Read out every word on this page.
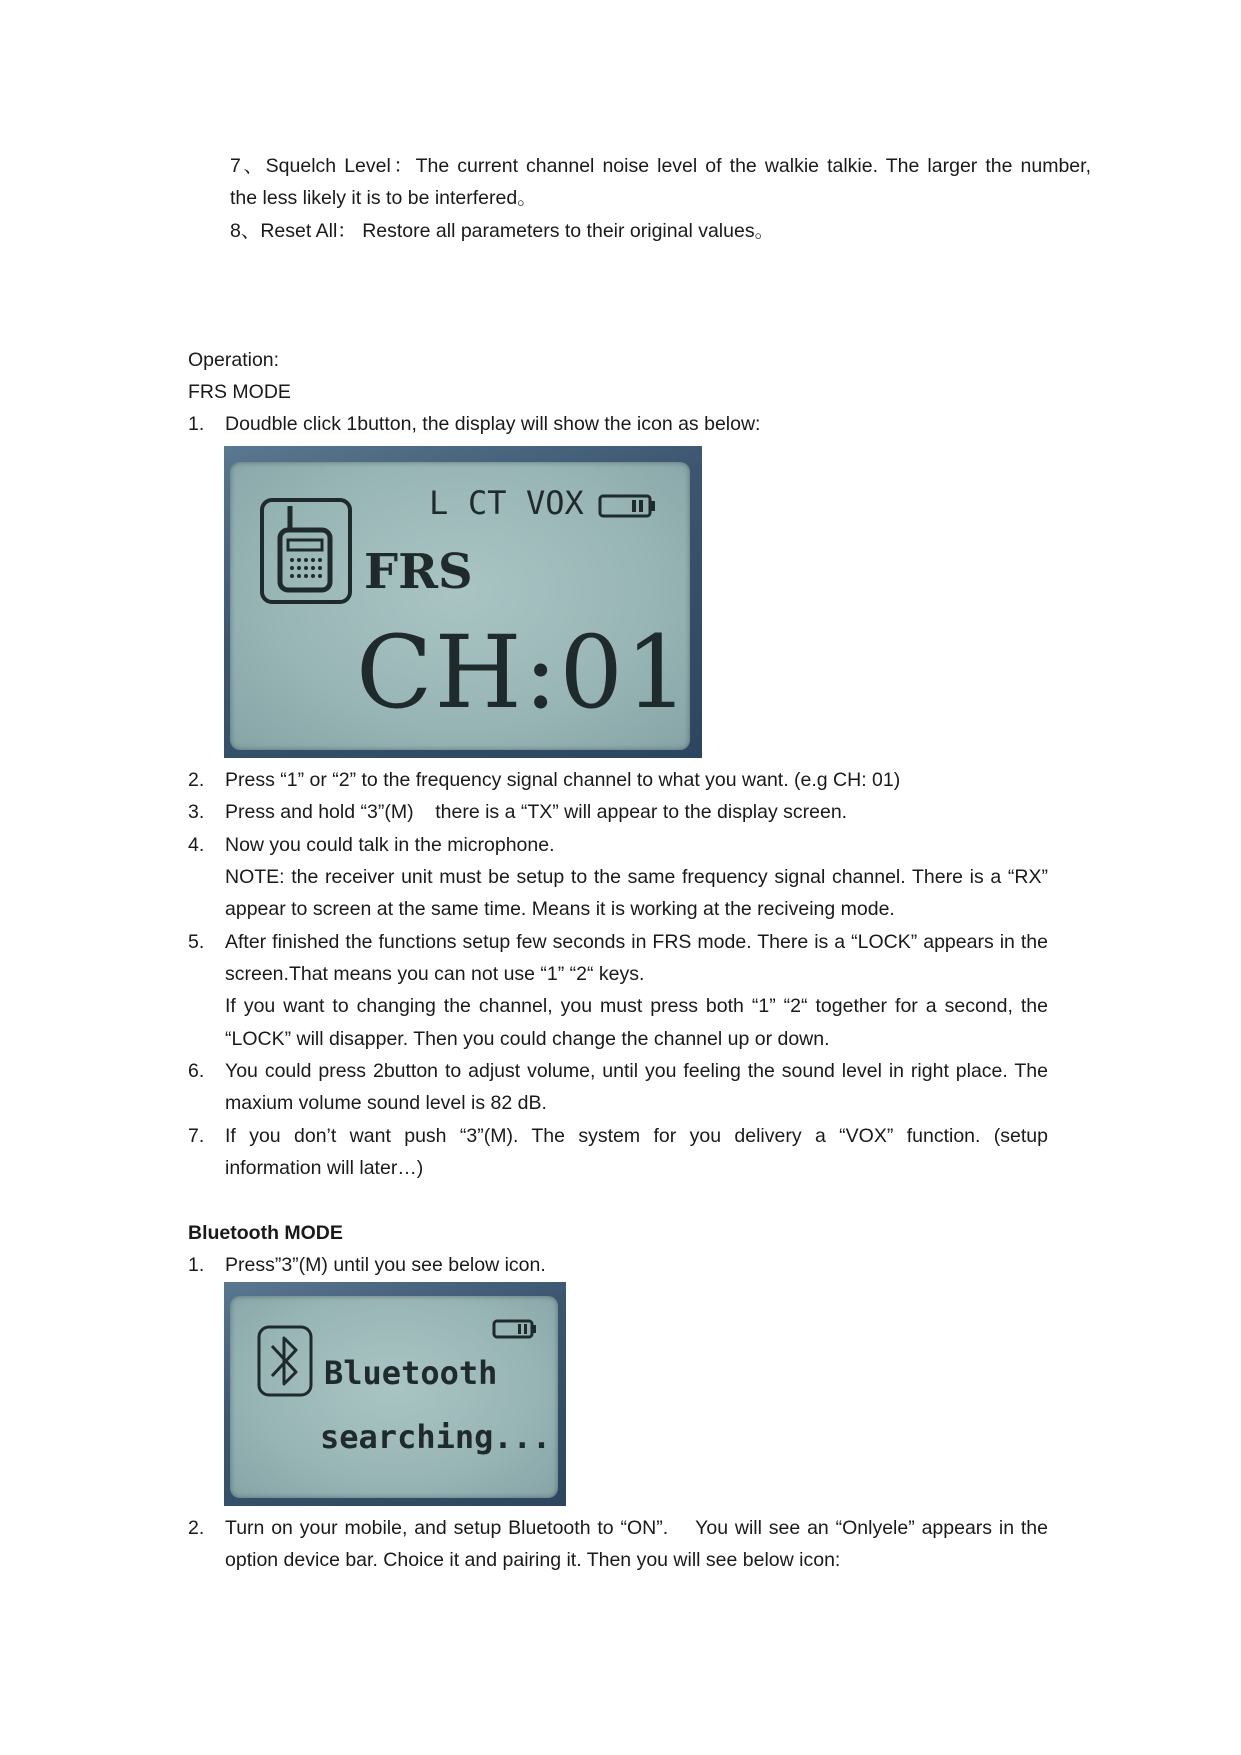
7、Squelch Level：The current channel noise level of the walkie talkie. The larger the number,
the less likely it is to be interfered。
8、Reset All： Restore all parameters to their original values。
Operation:
FRS MODE
1. Doudble click 1button, the display will show the icon as below:
L CT VOX
FRS
CH:01
2. Press “1” or “2” to the frequency signal channel to what you want. (e.g CH: 01)
3. Press and hold “3”(M)    there is a “TX” will appear to the display screen.
4. Now you could talk in the microphone.
NOTE: the receiver unit must be setup to the same frequency signal channel. There is a “RX”
appear to screen at the same time. Means it is working at the reciveing mode.
5. After finished the functions setup few seconds in FRS mode. There is a “LOCK” appears in the
screen.That means you can not use “1” “2“ keys.
If you want to changing the channel, you must press both “1” “2“ together for a second, the
“LOCK” will disapper. Then you could change the channel up or down.
6. You could press 2button to adjust volume, until you feeling the sound level in right place. The
maxium volume sound level is 82 dB.
7. If you don’t want push “3”(M). The system for you delivery a “VOX” function. (setup
information will later…)
Bluetooth MODE
1. Press”3”(M) until you see below icon.
Bluetooth
searching...
2. Turn on your mobile, and setup Bluetooth to “ON”.    You will see an “Onlyele” appears in the
option device bar. Choice it and pairing it. Then you will see below icon:
